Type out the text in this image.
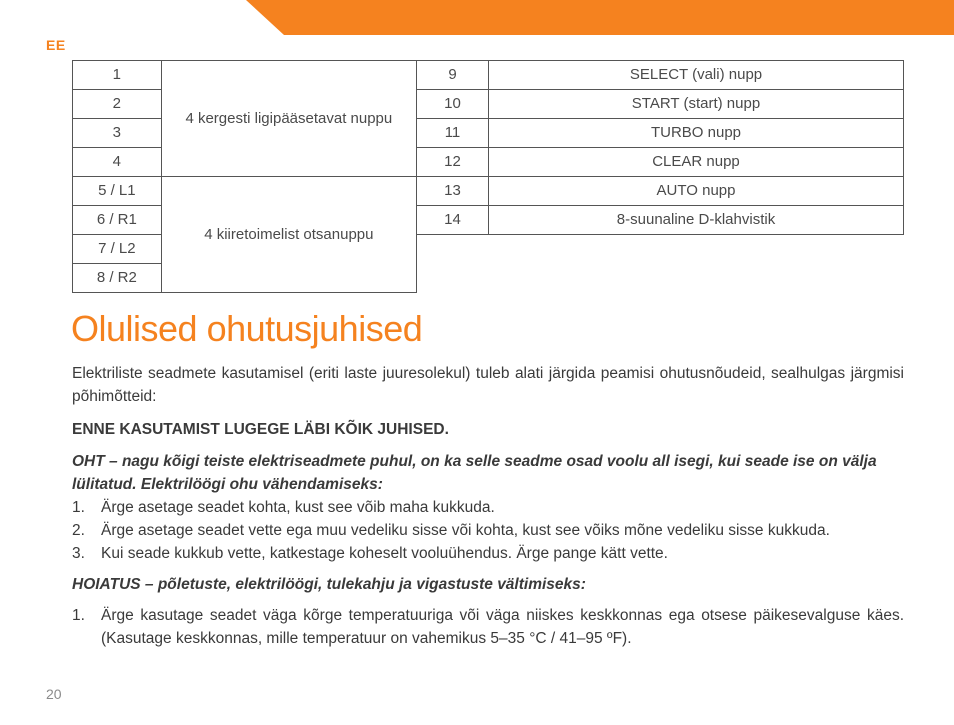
EE
1	4 kergesti ligipääsetavat nuppu
2	
3	
4	
5 / L1	4 kiiretoimelist otsanuppu
6 / R1	
7 / L2	
8 / R2	
9	SELECT (vali) nupp
10	START (start) nupp
11	TURBO nupp
12	CLEAR nupp
13	AUTO nupp
14	8-suunaline D-klahvistik
Olulised ohutusjuhised

Elektriliste seadmete kasutamisel (eriti laste juuresolekul) tuleb alati järgida peamisi ohutusnõudeid, sealhulgas järgmisi põhimõtteid:

ENNE KASUTAMIST LUGEGE LÄBI KÕIK JUHISED.

OHT – nagu kõigi teiste elektriseadmete puhul, on ka selle seadme osad voolu all isegi, kui seade ise on välja lülitatud. Elektrilöögi ohu vähendamiseks:

1.	Ärge asetage seadet kohta, kust see võib maha kukkuda.
2.	Ärge asetage seadet vette ega muu vedeliku sisse või kohta, kust see võiks mõne vedeliku sisse kukkuda.
3.	Kui seade kukkub vette, katkestage koheselt vooluühendus. Ärge pange kätt vette.

HOIATUS – põletuste, elektrilöögi, tulekahju ja vigastuste vältimiseks:

1.	Ärge kasutage seadet väga kõrge temperatuuriga või väga niiskes keskkonnas ega otsese päikesevalguse käes. (Kasutage keskkonnas, mille temperatuur on vahemikus 5–35 °C / 41–95 ºF).
20
